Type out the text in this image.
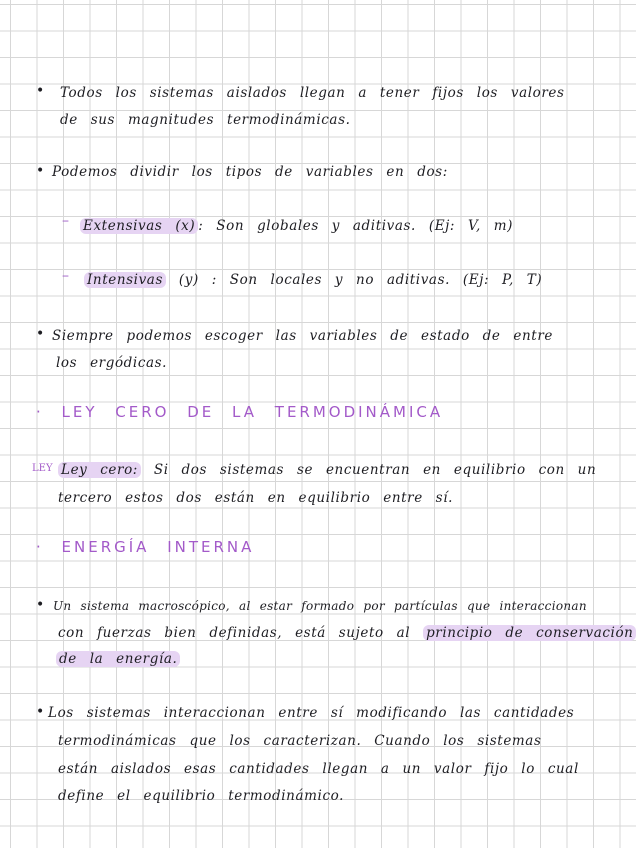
• Todos los sistemas aislados llegan a tener fijos los valores
de sus magnitudes termodinámicas.
• Podemos dividir los tipos de variables en dos:
– Extensivas (x) : Son globales y aditivas. (Ej: V, m)
– Intensivas (y) : Son locales y no aditivas. (Ej: P, T)
• Siempre podemos escoger las variables de estado de entre
los ergódicas.
· LEY CERO DE LA TERMODINÁMICA
LEY Ley cero: Si dos sistemas se encuentran en equilibrio con un
tercero estos dos están en equilibrio entre sí.
· ENERGÍA INTERNA
• Un sistema macroscópico, al estar formado por partículas que interaccionan
con fuerzas bien definidas, está sujeto al principio de conservación
de la energía.
• Los sistemas interaccionan entre sí modificando las cantidades
termodinámicas que los caracterizan. Cuando los sistemas
están aislados esas cantidades llegan a un valor fijo lo cual
define el equilibrio termodinámico.
